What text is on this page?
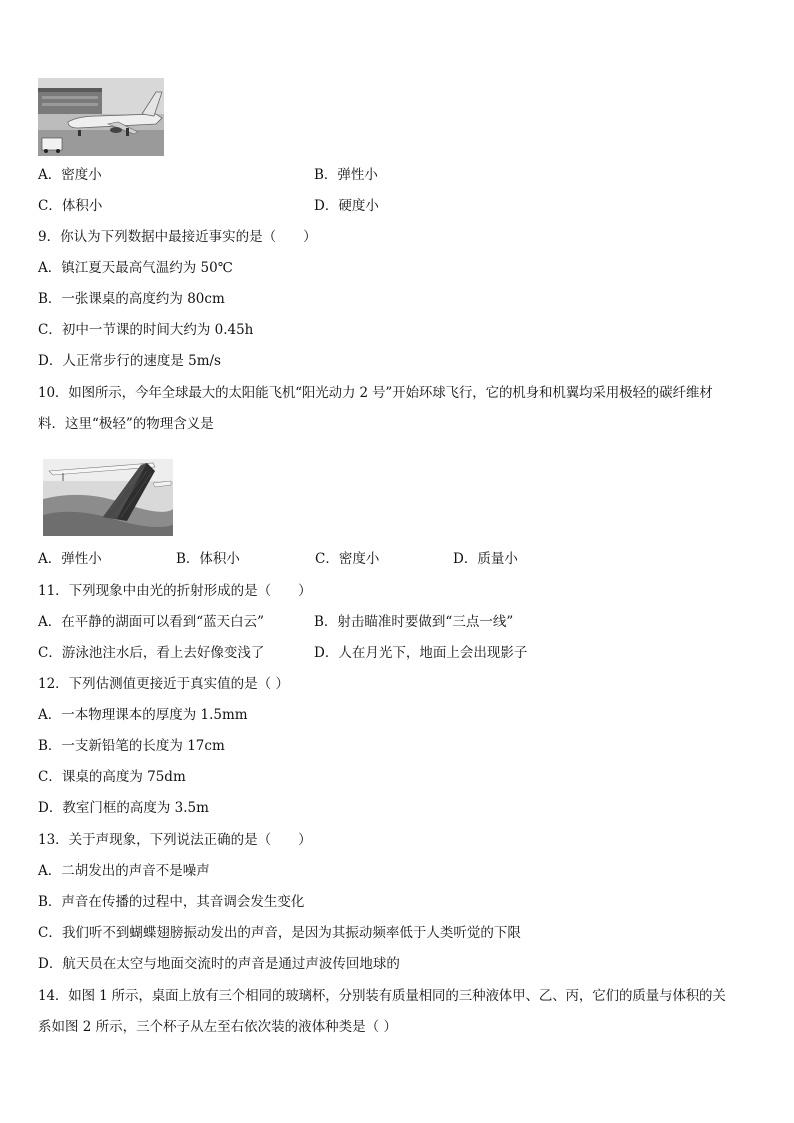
A．密度小	B．弹性小
C．体积小	D．硬度小
9．你认为下列数据中最接近事实的是（　　）
A．镇江夏天最高气温约为 50℃
B．一张课桌的高度约为 80cm
C．初中一节课的时间大约为 0.45h
D．人正常步行的速度是 5m/s
10．如图所示，今年全球最大的太阳能飞机“阳光动力 2 号”开始环球飞行，它的机身和机翼均采用极轻的碳纤维材
料．这里“极轻”的物理含义是
A．弹性小	B．体积小	C．密度小	D．质量小
11．下列现象中由光的折射形成的是（　　）
A．在平静的湖面可以看到“蓝天白云”	B．射击瞄准时要做到“三点一线”
C．游泳池注水后，看上去好像变浅了	D．人在月光下，地面上会出现影子
12．下列估测值更接近于真实值的是（ ）
A．一本物理课本的厚度为 1.5mm
B．一支新铅笔的长度为 17cm
C．课桌的高度为 75dm
D．教室门框的高度为 3.5m
13．关于声现象，下列说法正确的是（　　）
A．二胡发出的声音不是噪声
B．声音在传播的过程中，其音调会发生变化
C．我们听不到蝴蝶翅膀振动发出的声音，是因为其振动频率低于人类听觉的下限
D．航天员在太空与地面交流时的声音是通过声波传回地球的
14．如图 1 所示，桌面上放有三个相同的玻璃杯，分别装有质量相同的三种液体甲、乙、丙，它们的质量与体积的关
系如图 2 所示，三个杯子从左至右依次装的液体种类是（ ）
